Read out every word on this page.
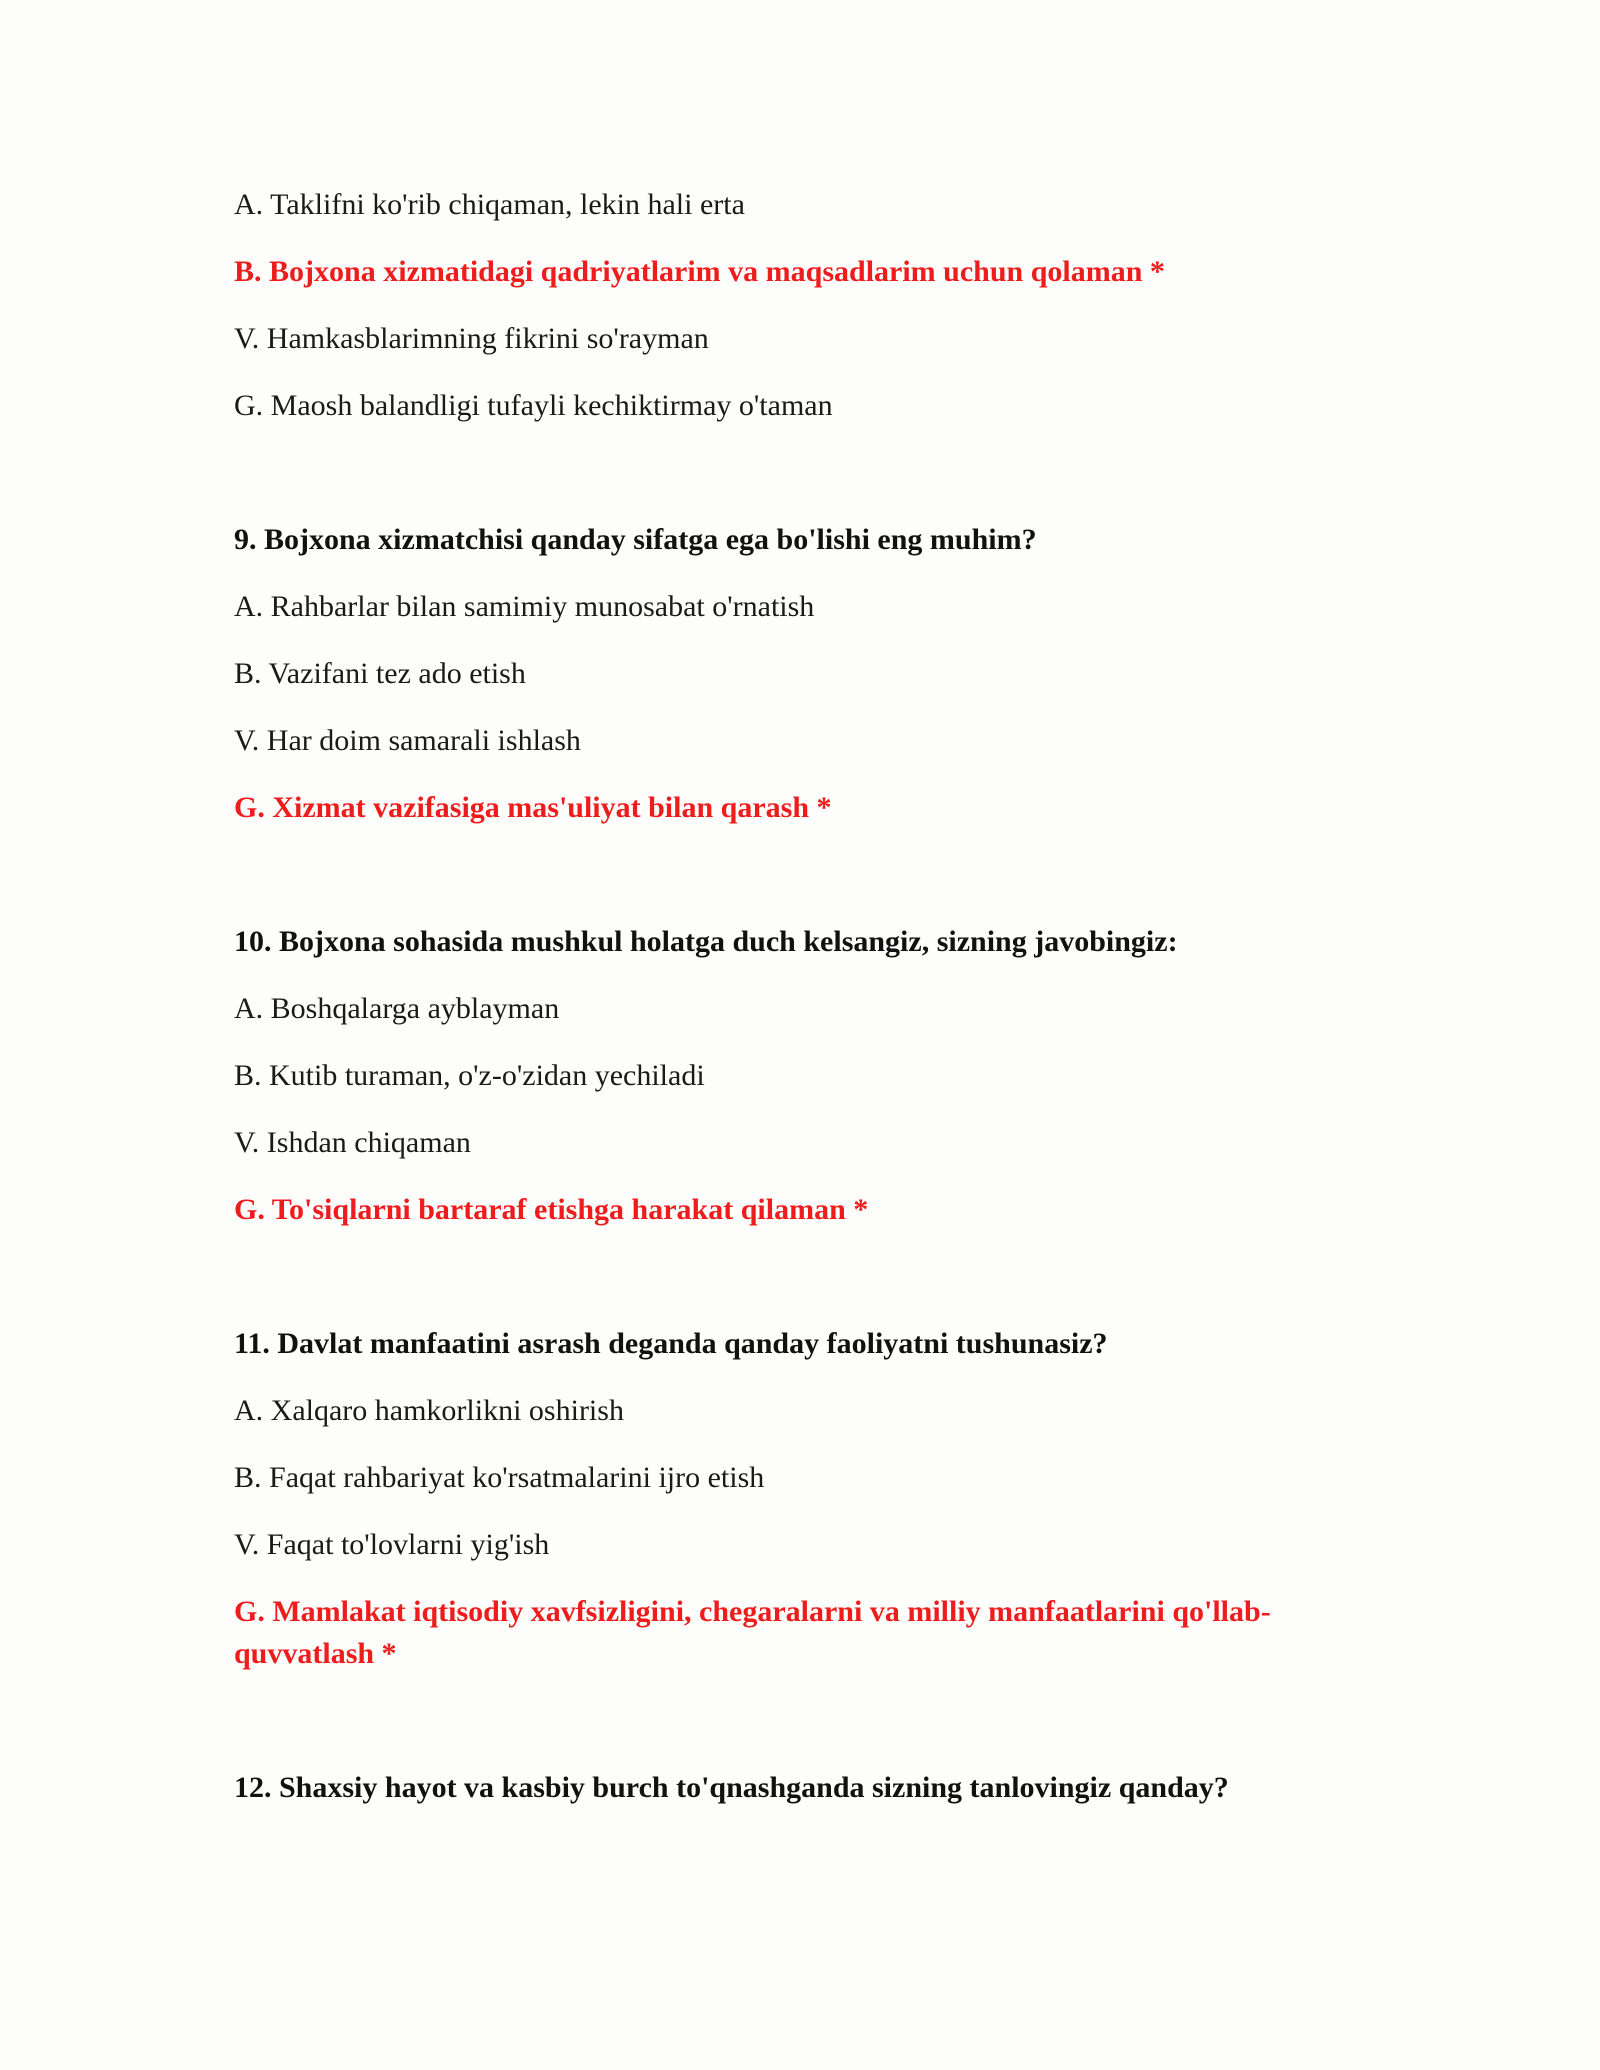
A. Taklifni ko'rib chiqaman, lekin hali erta
B. Bojxona xizmatidagi qadriyatlarim va maqsadlarim uchun qolaman *
V. Hamkasblarimning fikrini so'rayman
G. Maosh balandligi tufayli kechiktirmay o'taman
9. Bojxona xizmatchisi qanday sifatga ega bo'lishi eng muhim?
A. Rahbarlar bilan samimiy munosabat o'rnatish
B. Vazifani tez ado etish
V. Har doim samarali ishlash
G. Xizmat vazifasiga mas'uliyat bilan qarash *
10. Bojxona sohasida mushkul holatga duch kelsangiz, sizning javobingiz:
A. Boshqalarga ayblayman
B. Kutib turaman, o'z-o'zidan yechiladi
V. Ishdan chiqaman
G. To'siqlarni bartaraf etishga harakat qilaman *
11. Davlat manfaatini asrash deganda qanday faoliyatni tushunasiz?
A. Xalqaro hamkorlikni oshirish
B. Faqat rahbariyat ko'rsatmalarini ijro etish
V. Faqat to'lovlarni yig'ish
G. Mamlakat iqtisodiy xavfsizligini, chegaralarni va milliy manfaatlarini qo'llab-quvvatlash *
12. Shaxsiy hayot va kasbiy burch to'qnashganda sizning tanlovingiz qanday?
